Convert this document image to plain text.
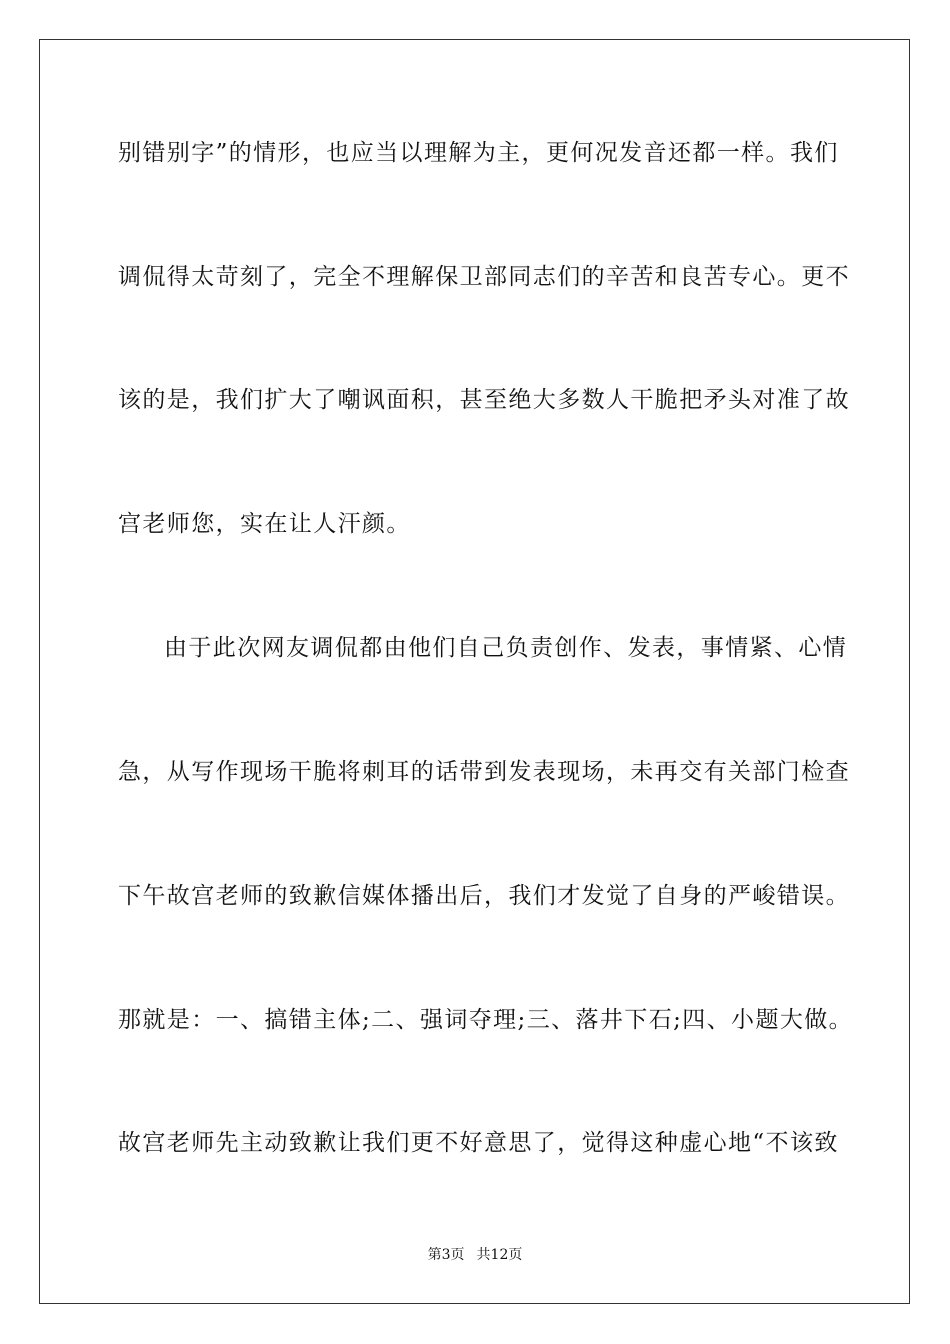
别错别字”的情形，也应当以理解为主，更何况发音还都一样。我们
调侃得太苛刻了，完全不理解保卫部同志们的辛苦和良苦专心。更不
该的是，我们扩大了嘲讽面积，甚至绝大多数人干脆把矛头对准了故
宫老师您，实在让人汗颜。
由于此次网友调侃都由他们自己负责创作、发表，事情紧、心情
急，从写作现场干脆将刺耳的话带到发表现场，未再交有关部门检查
下午故宫老师的致歉信媒体播出后，我们才发觉了自身的严峻错误。
那就是：一、搞错主体;二、强词夺理;三、落井下石;四、小题大做。
故宫老师先主动致歉让我们更不好意思了，觉得这种虚心地“不该致
第3页 共12页
